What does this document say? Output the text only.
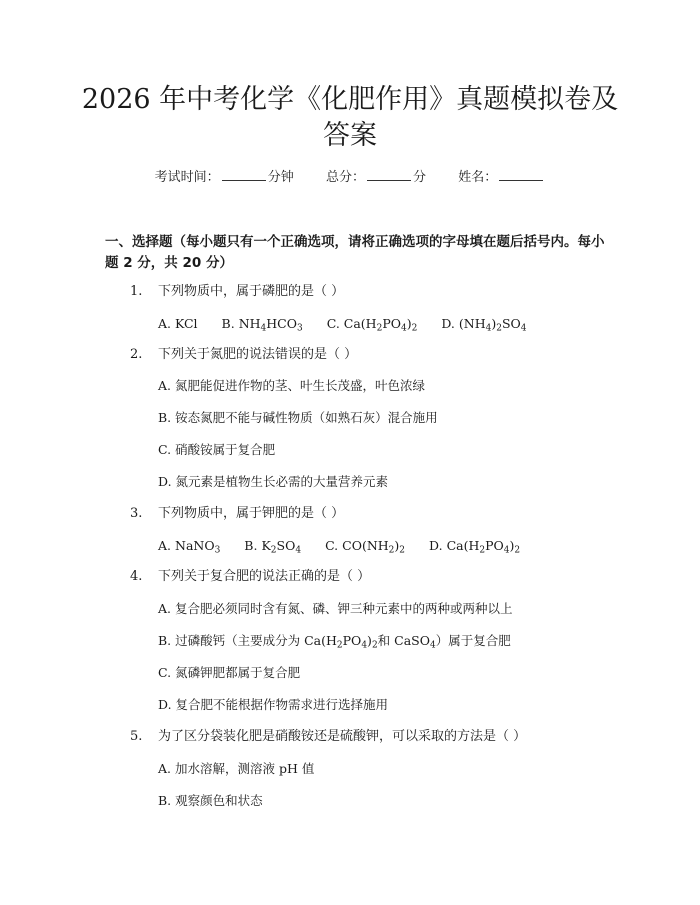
2026 年中考化学《化肥作用》真题模拟卷及答案
考试时间：	分钟 总分：	分 姓名：
一、选择题（每小题只有一个正确选项，请将正确选项的字母填在题后括号内。每小题 2 分，共 20 分）
1. 下列物质中，属于磷肥的是（ ）
A. KCl B. $NH_4HCO_3$ C. $Ca(H_2PO_4)_2$ D. $(NH_4)_2SO_4$
2. 下列关于氮肥的说法错误的是（ ）
A. 氮肥能促进作物的茎、叶生长茂盛，叶色浓绿
B. 铵态氮肥不能与碱性物质（如熟石灰）混合施用
C. 硝酸铵属于复合肥
D. 氮元素是植物生长必需的大量营养元素
3. 下列物质中，属于钾肥的是（ ）
A. NaNO$_3$ B. $K_2SO_4$ C. $CO(NH_2)_2$ D. $Ca(H_2PO_4)_2$
4. 下列关于复合肥的说法正确的是（ ）
A. 复合肥必须同时含有氮、磷、钾三种元素中的两种或两种以上
B. 过磷酸钙（主要成分为 $Ca(H_2PO_4)_2$和 CaSO$_4$）属于复合肥
C. 氮磷钾肥都属于复合肥
D. 复合肥不能根据作物需求进行选择施用
5. 为了区分袋装化肥是硝酸铵还是硫酸钾，可以采取的方法是（ ）
A. 加水溶解，测溶液 pH 值
B. 观察颜色和状态
